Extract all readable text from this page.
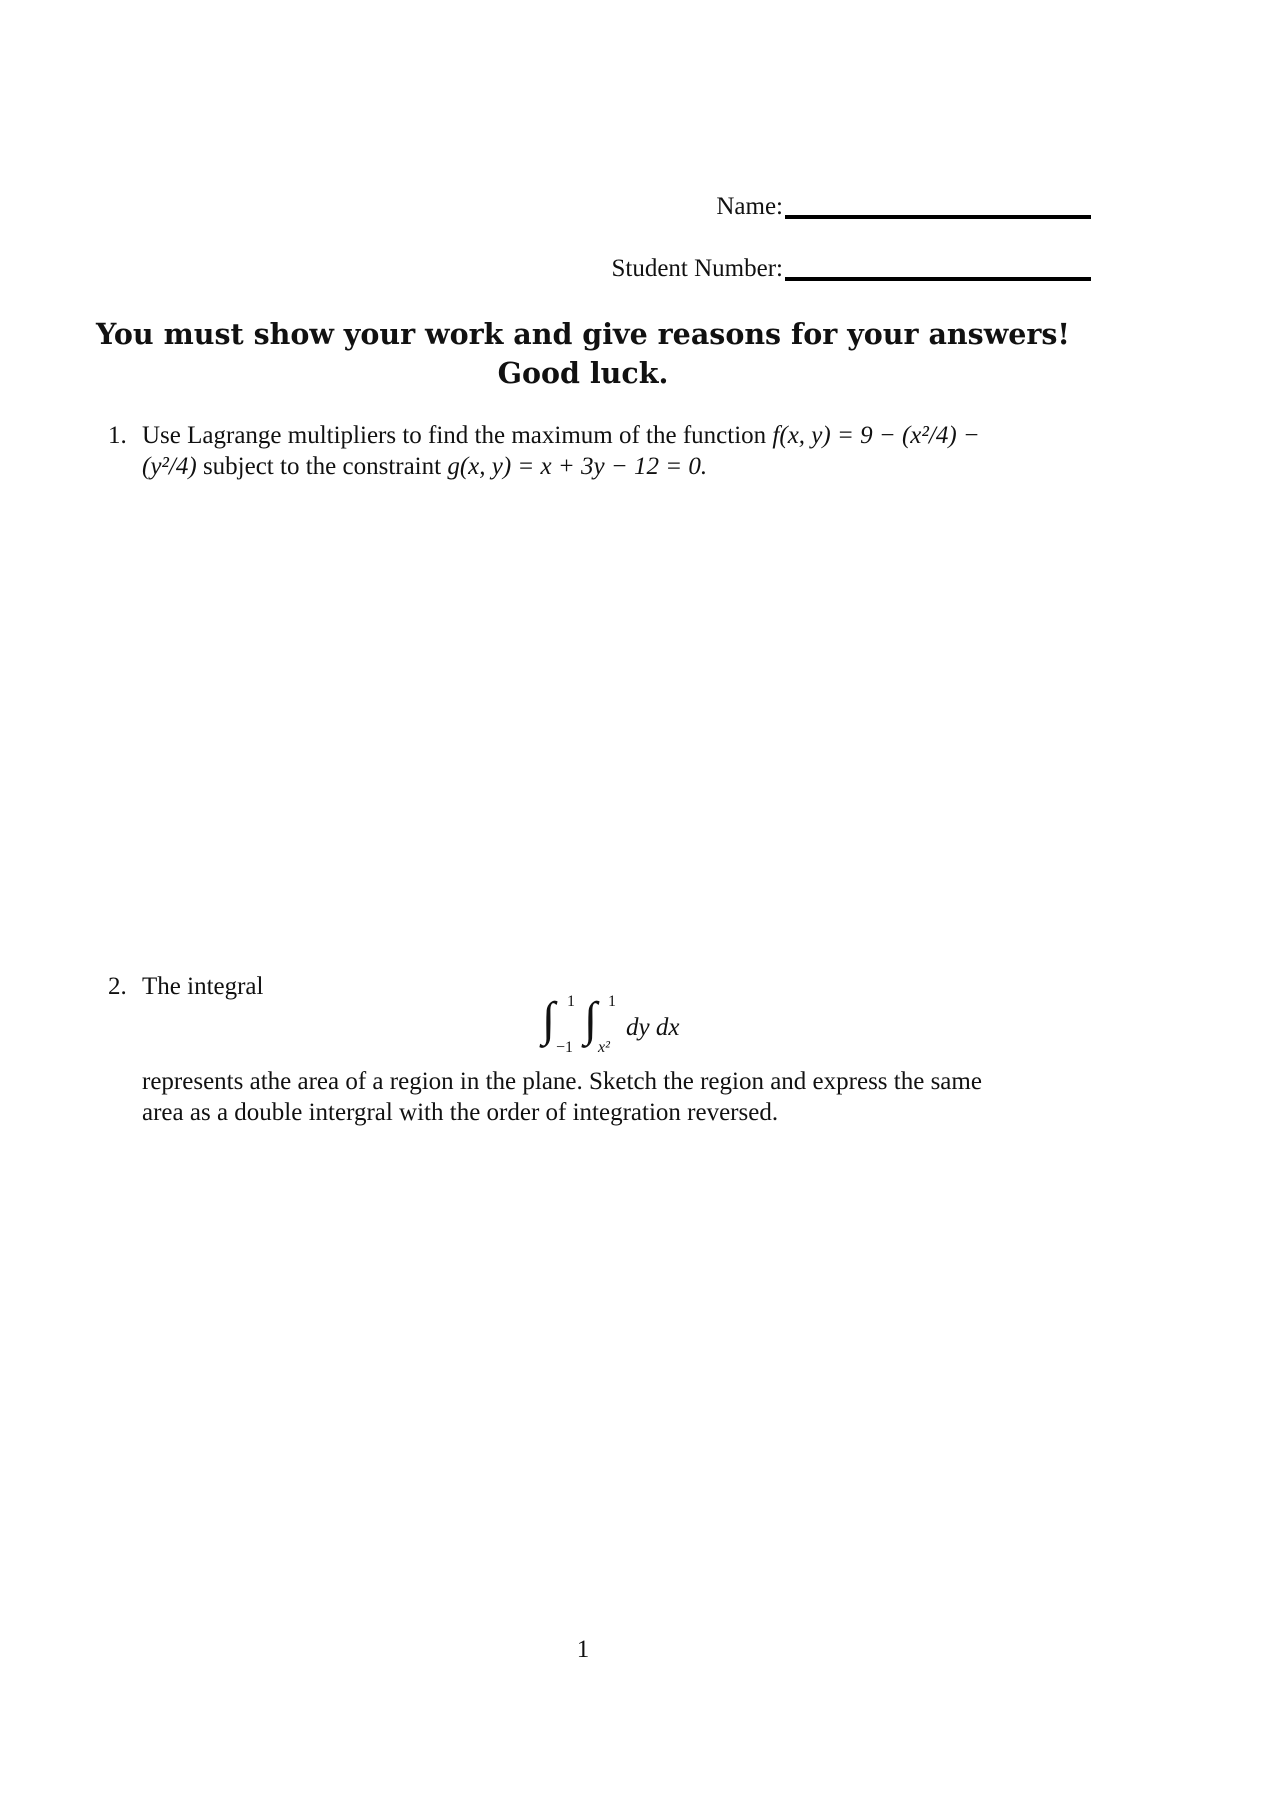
Name:
Student Number:
You must show your work and give reasons for your answers!
Good luck.
1. Use Lagrange multipliers to find the maximum of the function f(x, y) = 9 − (x²/4) −
(y²/4) subject to the constraint g(x, y) = x + 3y − 12 = 0.
2. The integral
∫ 1
−1
∫ 1
x²
dy dx
represents athe area of a region in the plane. Sketch the region and express the same
area as a double intergral with the order of integration reversed.
1
